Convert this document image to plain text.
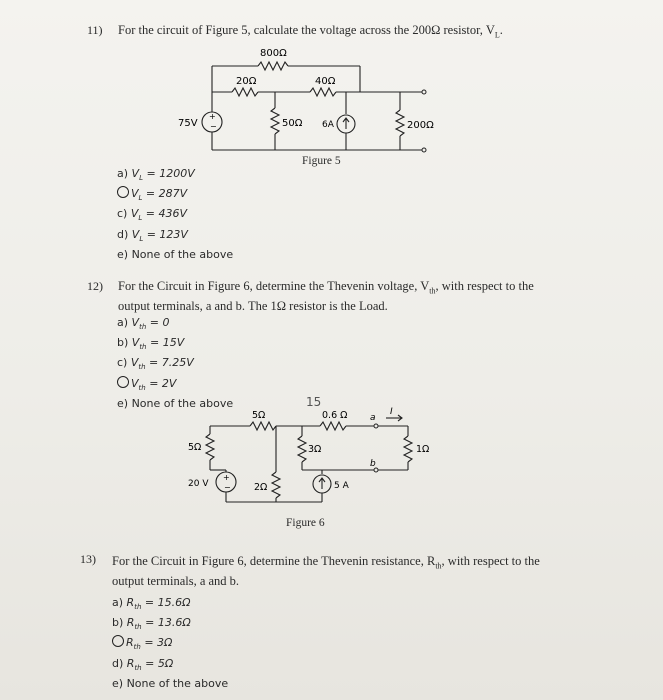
11) For the circuit of Figure 5, calculate the voltage across the 200Ω resistor, $V_L$.
+
−
800Ω
20Ω	40Ω
75V	50Ω 6A	200Ω
Figure 5
a) $V_L = 1200V$
$V_L = 287V$
c) $V_L = 436V$
d) $V_L = 123V$
e) None of the above
12) For the Circuit in Figure 6, determine the Thevenin voltage, $V_{th}$, with respect to the
output terminals, a and b. The 1Ω resistor is the Load.
a) $V_{th} = 0$
b) $V_{th} = 15V$
c) $V_{th} = 7.25V$
$V_{th} = 2V$
e) None of the above
+
−
5Ω	0.6 Ω
5Ω	3Ω	1Ω
20 V	2Ω	5 A
a
b
I
15
Figure 6
13) For the Circuit in Figure 6, determine the Thevenin resistance, $R_{th}$, with respect to the
output terminals, a and b.
a) $R_{th} = 15.6\Omega$
b) $R_{th} = 13.6\Omega$
$R_{th} = 3\Omega$
d) $R_{th} = 5\Omega$
e) None of the above
